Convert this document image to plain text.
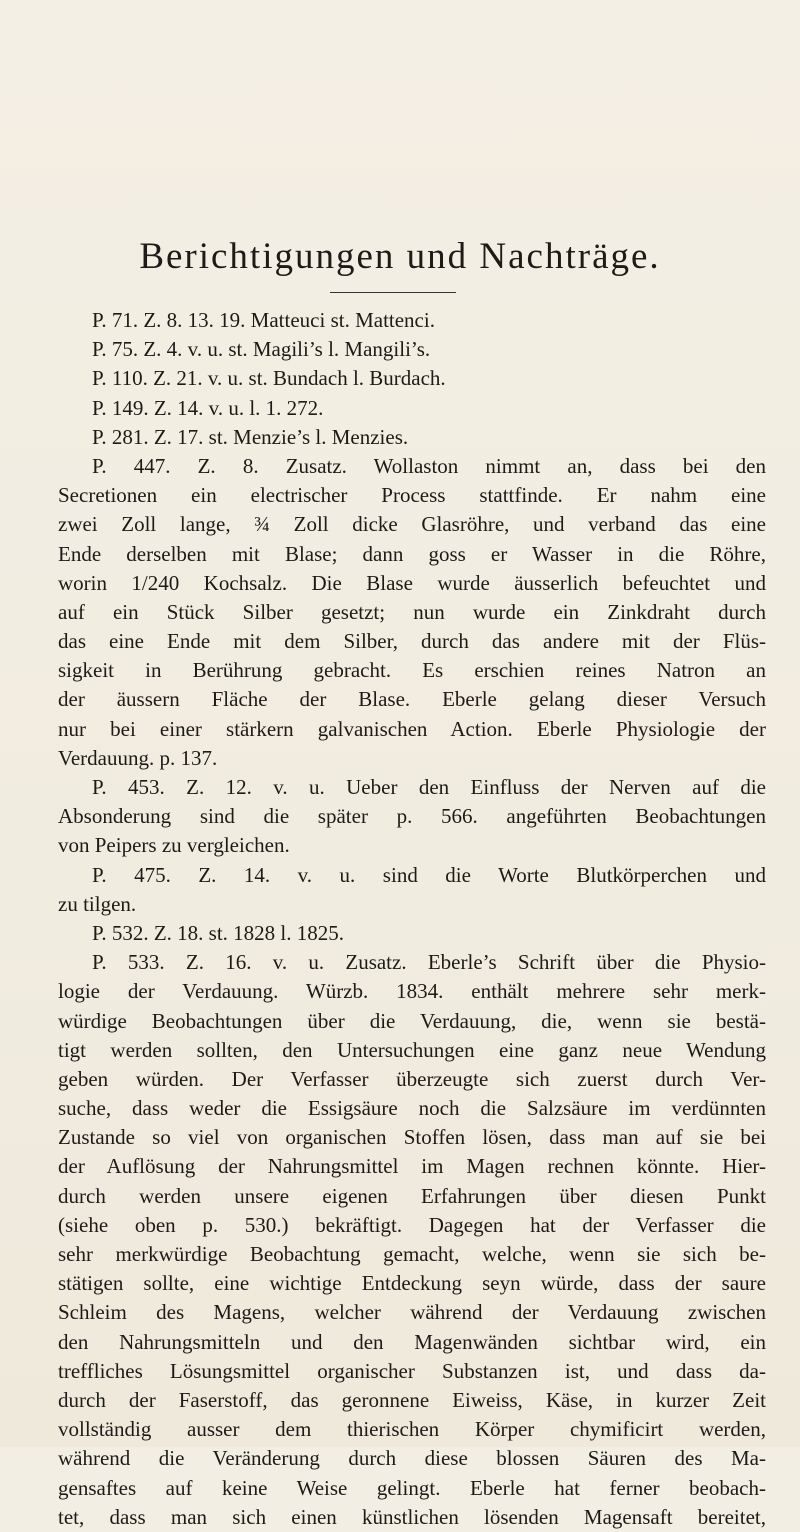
Berichtigungen und Nachträge.
P. 71. Z. 8. 13. 19. Matteuci st. Mattenci.
P. 75. Z. 4. v. u. st. Magili’s l. Mangili’s.
P. 110. Z. 21. v. u. st. Bundach l. Burdach.
P. 149. Z. 14. v. u. l. 1. 272.
P. 281. Z. 17. st. Menzie’s l. Menzies.
P. 447. Z. 8. Zusatz. Wollaston nimmt an, dass bei den
Secretionen ein electrischer Process stattfinde. Er nahm eine
zwei Zoll lange, ¾ Zoll dicke Glasröhre, und verband das eine
Ende derselben mit Blase; dann goss er Wasser in die Röhre,
worin 1/240 Kochsalz. Die Blase wurde äusserlich befeuchtet und
auf ein Stück Silber gesetzt; nun wurde ein Zinkdraht durch
das eine Ende mit dem Silber, durch das andere mit der Flüs-
sigkeit in Berührung gebracht. Es erschien reines Natron an
der äussern Fläche der Blase. Eberle gelang dieser Versuch
nur bei einer stärkern galvanischen Action. Eberle Physiologie der
Verdauung. p. 137.
P. 453. Z. 12. v. u. Ueber den Einfluss der Nerven auf die
Absonderung sind die später p. 566. angeführten Beobachtungen
von Peipers zu vergleichen.
P. 475. Z. 14. v. u. sind die Worte Blutkörperchen und
zu tilgen.
P. 532. Z. 18. st. 1828 l. 1825.
P. 533. Z. 16. v. u. Zusatz. Eberle’s Schrift über die Physio-
logie der Verdauung. Würzb. 1834. enthält mehrere sehr merk-
würdige Beobachtungen über die Verdauung, die, wenn sie bestä-
tigt werden sollten, den Untersuchungen eine ganz neue Wendung
geben würden. Der Verfasser überzeugte sich zuerst durch Ver-
suche, dass weder die Essigsäure noch die Salzsäure im verdünnten
Zustande so viel von organischen Stoffen lösen, dass man auf sie bei
der Auflösung der Nahrungsmittel im Magen rechnen könnte. Hier-
durch werden unsere eigenen Erfahrungen über diesen Punkt
(siehe oben p. 530.) bekräftigt. Dagegen hat der Verfasser die
sehr merkwürdige Beobachtung gemacht, welche, wenn sie sich be-
stätigen sollte, eine wichtige Entdeckung seyn würde, dass der saure
Schleim des Magens, welcher während der Verdauung zwischen
den Nahrungsmitteln und den Magenwänden sichtbar wird, ein
treffliches Lösungsmittel organischer Substanzen ist, und dass da-
durch der Faserstoff, das geronnene Eiweiss, Käse, in kurzer Zeit
vollständig ausser dem thierischen Körper chymificirt werden,
während die Veränderung durch diese blossen Säuren des Ma-
gensaftes auf keine Weise gelingt. Eberle hat ferner beobach-
tet, dass man sich einen künstlichen lösenden Magensaft bereitet,
